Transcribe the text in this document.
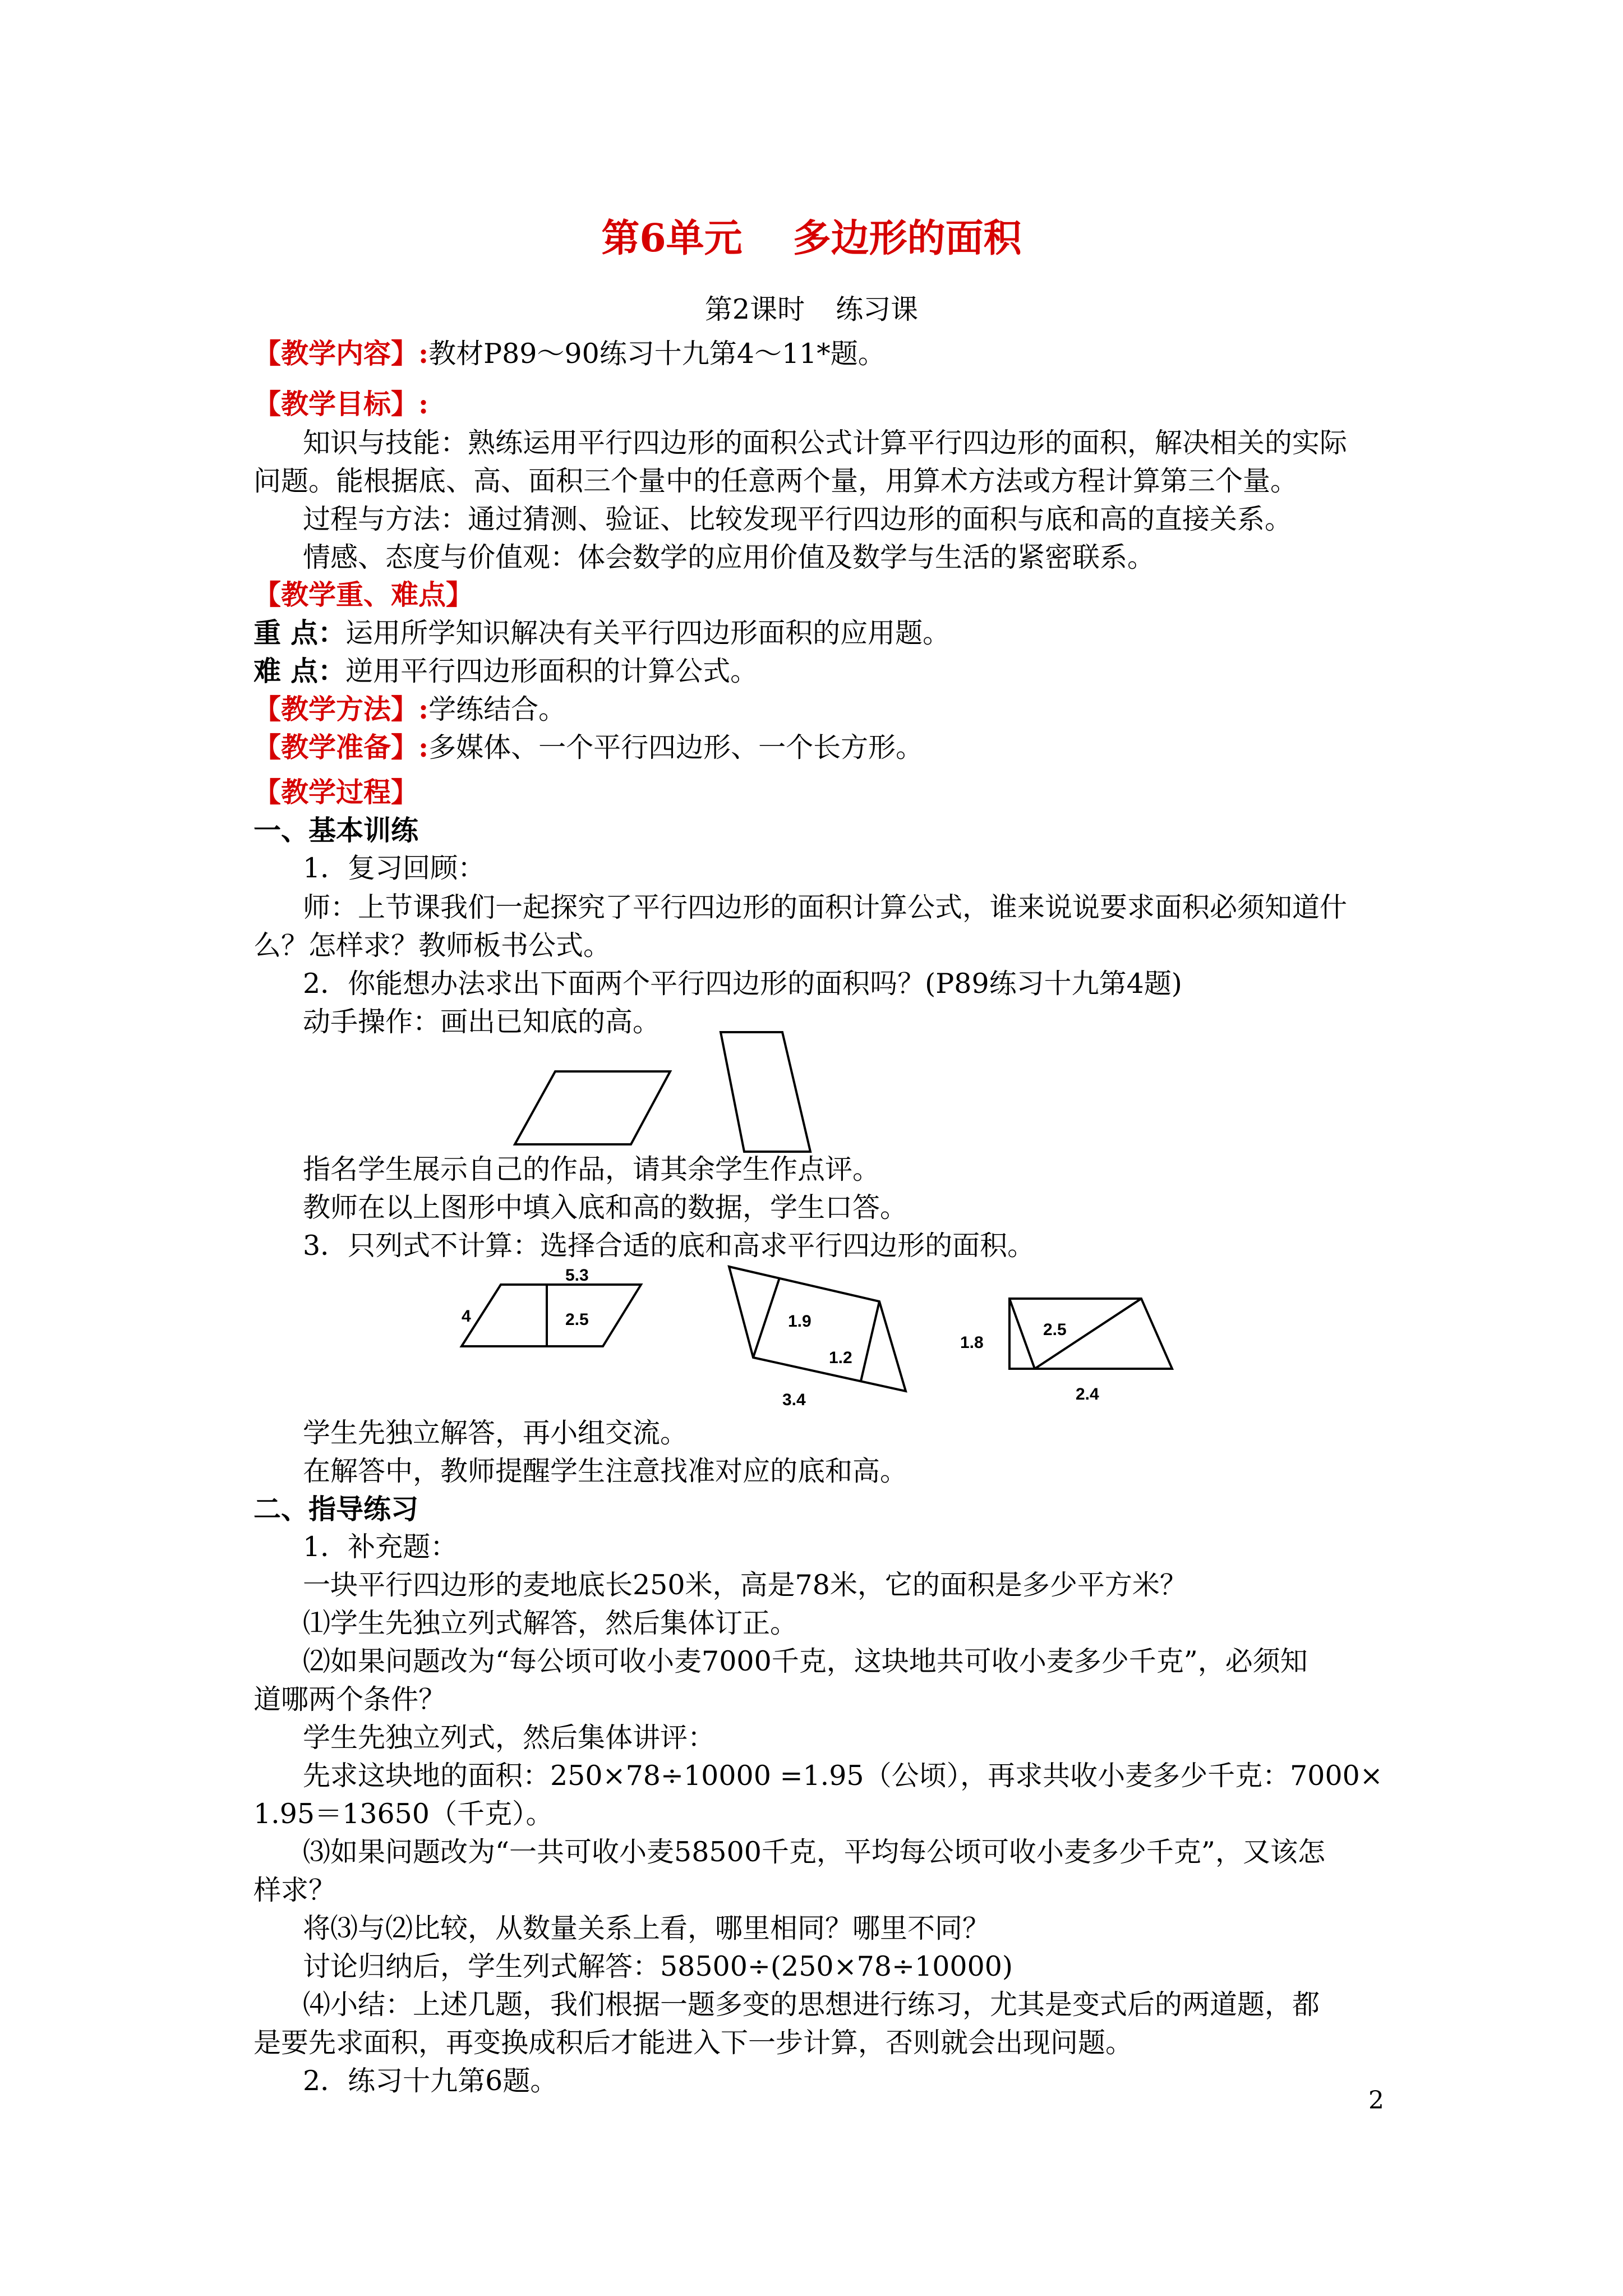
第6单元 多边形的面积
第2课时 练习课
【教学内容】:教材P89～90练习十九第4～11*题。
【教学目标】:
知识与技能：熟练运用平行四边形的面积公式计算平行四边形的面积，解决相关的实际
问题。能根据底、高、面积三个量中的任意两个量，用算术方法或方程计算第三个量。
过程与方法：通过猜测、验证、比较发现平行四边形的面积与底和高的直接关系。
情感、态度与价值观：体会数学的应用价值及数学与生活的紧密联系。
【教学重、难点】
重 点：运用所学知识解决有关平行四边形面积的应用题。
难 点：逆用平行四边形面积的计算公式。
【教学方法】:学练结合。
【教学准备】:多媒体、一个平行四边形、一个长方形。
【教学过程】
一、基本训练
1．复习回顾：
师：上节课我们一起探究了平行四边形的面积计算公式，谁来说说要求面积必须知道什
么？怎样求？教师板书公式。
2．你能想办法求出下面两个平行四边形的面积吗？(P89练习十九第4题)
动手操作：画出已知底的高。
指名学生展示自己的作品，请其余学生作点评。
教师在以上图形中填入底和高的数据，学生口答。
3．只列式不计算：选择合适的底和高求平行四边形的面积。
5.3
4	2.5	1.9
1.2
3.4
1.8
2.5
2.4
学生先独立解答，再小组交流。
在解答中，教师提醒学生注意找准对应的底和高。
二、指导练习
1．补充题：
一块平行四边形的麦地底长250米，高是78米，它的面积是多少平方米？
⑴学生先独立列式解答，然后集体订正。
⑵如果问题改为“每公顷可收小麦7000千克，这块地共可收小麦多少千克”，必须知
道哪两个条件？
学生先独立列式，然后集体讲评：
先求这块地的面积：250×78÷10000 =1.95（公顷），再求共收小麦多少千克：7000×
1.95＝13650（千克）。
⑶如果问题改为“一共可收小麦58500千克，平均每公顷可收小麦多少千克”，又该怎
样求？
将⑶与⑵比较，从数量关系上看，哪里相同？哪里不同？
讨论归纳后，学生列式解答：58500÷(250×78÷10000)
⑷小结：上述几题，我们根据一题多变的思想进行练习，尤其是变式后的两道题，都
是要先求面积，再变换成积后才能进入下一步计算，否则就会出现问题。
2．练习十九第6题。
2
